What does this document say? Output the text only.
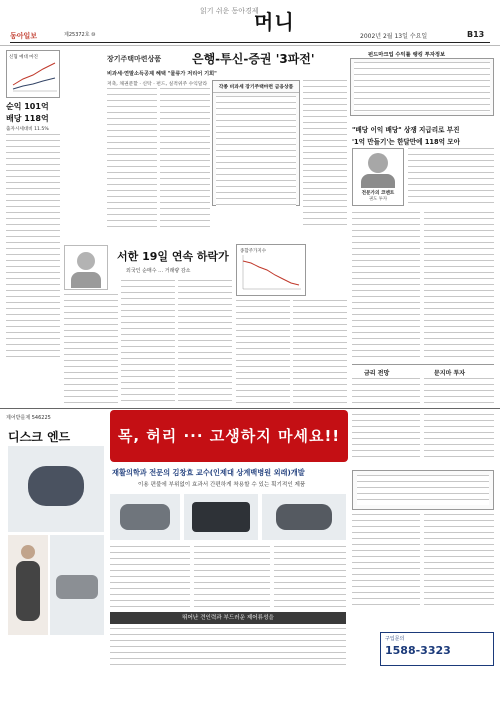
읽기 쉬운 동아경제
머니
동아일보	제25372호 ⑩	2002년 2월 13일 수요일	B13
신협 예대 마진
순익 101억
배당 118억
출자시세대비 11.5%
장기주택마련상품	은행-투신-증권 '3파전'
비과세·연말소득공제 혜택 "물류가 저리어 기회"
저축, 채권분할 · 신탁 · 펀드, 실적위주 수익달라
각종 비과세 장기주택마련 금융상품
서한 19일 연속 하락가
외국인 순매수 … 거래량 감소
종합주가지수
펀드마크업 수익률 랭킹 투자정보
"배당 이익 배당" 상쟁 지급리로 부진
'1억 만들기'는 한달만에 118억 모아
전문가의 코멘트
권도 투자
금리 전망	문지마 투자
제어받를제 546225
디스크 엔드	목, 허리 ··· 고생하지 마세요!!
재활의학과 전문의 김창효 교수(인제대 상계백병원 외래)개발
이용 편불에 부위없이 효과서 간편하게 착용할 수 있는 획기적인 제품
뛰어난 견인력과 부드러운 제어류성을
구입문의
1588-3323
